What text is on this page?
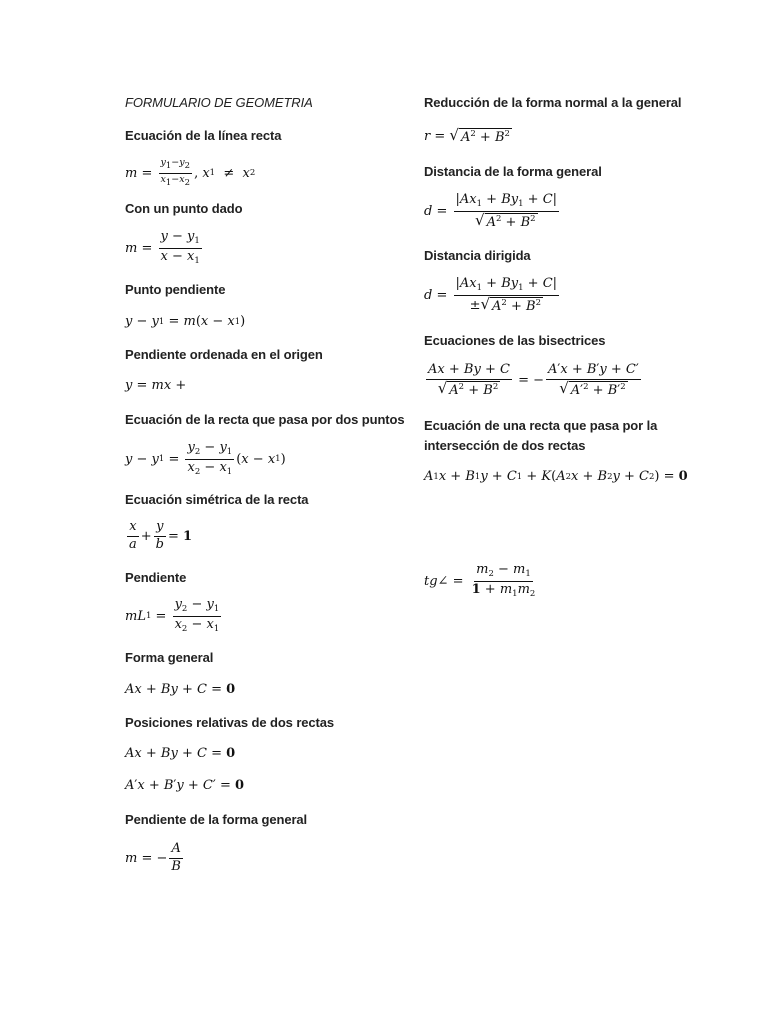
FORMULARIO DE GEOMETRIA
Ecuación de la línea recta
$m = \frac{y1-y2}{x1-x2}$ , x 1 ≠ x 2
Con un punto dado
$m = \frac{y - y_1}{x - x_1}$
Punto pendiente
y − y 1 = m ( x − x 1 )
Pendiente ordenada en el origen
y = mx +
Ecuación de la recta que pasa por dos puntos
y − y $1 = \frac{y_2 - y_1}{x_2 - x_1}$ ( x − x 1 )
Ecuación simétrica de la recta
$\frac{x}{a} + \frac{y}{b} = 1$
Pendiente
mL $1 = \frac{y_2 - y_1}{x_2 - x_1}$
Forma general
Ax + By + C = 0
Posiciones relativas de dos rectas
Ax + By + C = 0
A ′ x + B ′ y + C ′ = 0
Pendiente de la forma general
m = − $\frac{A}{B}$
Reducción de la forma normal a la general
r = √ $A^2 + B^2$
Distancia de la forma general
$d = \frac{|Ax_1 + By_1 + C|}{√ A^2 + B^2}$
Distancia dirigida
$d = \frac{|Ax_1 + By_1 + C|}{\pm √ A^2 + B^2}$
Ecuaciones de las bisectrices
$\frac{Ax + By + C}{√ A^2 + B^2}$ = − $\frac{A'x + B'y + C'}{√ A'^2 + B'^2}$
Ecuación de una recta que pasa por la
intersección de dos rectas
A 1 x + B 1 y + C 1 + K ( A 2 x + B 2 y + C 2 ) = 0
tg ∠ = $\frac{m_2 - m_1}{1 + m_1m_2}$
